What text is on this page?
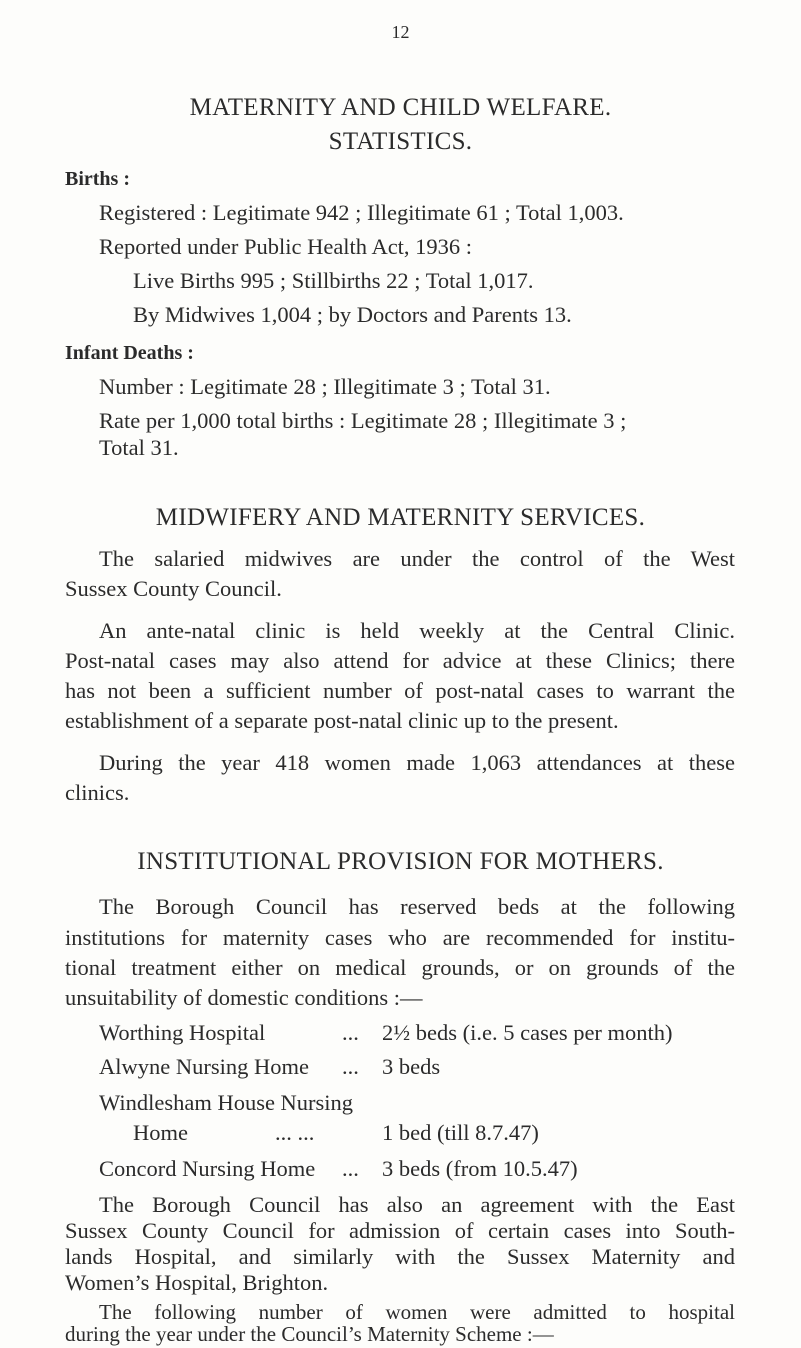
12
MATERNITY AND CHILD WELFARE.
STATISTICS.
Births :
Registered : Legitimate 942 ; Illegitimate 61 ; Total 1,003.
Reported under Public Health Act, 1936 :
Live Births 995 ; Stillbirths 22 ; Total 1,017.
By Midwives 1,004 ; by Doctors and Parents 13.
Infant Deaths :
Number : Legitimate 28 ; Illegitimate 3 ; Total 31.
Rate per 1,000 total births : Legitimate 28 ; Illegitimate 3 ;
Total 31.
MIDWIFERY AND MATERNITY SERVICES.
The salaried midwives are under the control of the West
Sussex County Council.
An ante-natal clinic is held weekly at the Central Clinic.
Post-natal cases may also attend for advice at these Clinics; there
has not been a sufficient number of post-natal cases to warrant the
establishment of a separate post-natal clinic up to the present.
During the year 418 women made 1,063 attendances at these
clinics.
INSTITUTIONAL PROVISION FOR MOTHERS.
The Borough Council has reserved beds at the following
institutions for maternity cases who are recommended for institu-
tional treatment either on medical grounds, or on grounds of the
unsuitability of domestic conditions :—
Worthing Hospital	... 2½ beds (i.e. 5 cases per month)
Alwyne Nursing Home ... 3 beds
Windlesham House Nursing
Home	... ...	1 bed (till 8.7.47)
Concord Nursing Home ... 3 beds (from 10.5.47)
The Borough Council has also an agreement with the East
Sussex County Council for admission of certain cases into South-
lands Hospital, and similarly with the Sussex Maternity and
Women’s Hospital, Brighton.
The following number of women were admitted to hospital
during the year under the Council’s Maternity Scheme :—
